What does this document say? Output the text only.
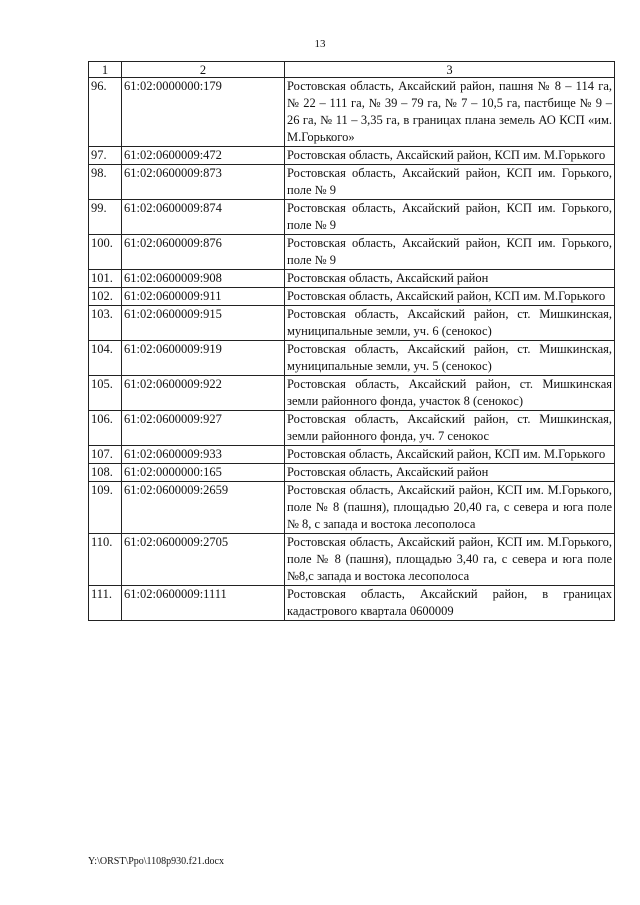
13
1	2	3
96.	61:02:0000000:179	Ростовская область, Аксайский район, пашня № 8 – 114 га, № 22 – 111 га, № 39 – 79 га, № 7 – 10,5 га, пастбище № 9 – 26 га, № 11 – 3,35 га, в границах плана земель АО КСП «им. М.Горького»
97.	61:02:0600009:472	Ростовская область, Аксайский район, КСП им. М.Горького
98.	61:02:0600009:873	Ростовская область, Аксайский район, КСП им. Горького, поле № 9
99.	61:02:0600009:874	Ростовская область, Аксайский район, КСП им. Горького, поле № 9
100.	61:02:0600009:876	Ростовская область, Аксайский район, КСП им. Горького, поле № 9
101.	61:02:0600009:908	Ростовская область, Аксайский район
102.	61:02:0600009:911	Ростовская область, Аксайский район, КСП им. М.Горького
103.	61:02:0600009:915	Ростовская область, Аксайский район, ст. Мишкинская, муниципальные земли, уч. 6 (сенокос)
104.	61:02:0600009:919	Ростовская область, Аксайский район, ст. Мишкинская, муниципальные земли, уч. 5 (сенокос)
105.	61:02:0600009:922	Ростовская область, Аксайский район, ст. Мишкинская земли районного фонда, участок 8 (сенокос)
106.	61:02:0600009:927	Ростовская область, Аксайский район, ст. Мишкинская, земли районного фонда, уч. 7 сенокос
107.	61:02:0600009:933	Ростовская область, Аксайский район, КСП им. М.Горького
108.	61:02:0000000:165	Ростовская область, Аксайский район
109.	61:02:0600009:2659	Ростовская область, Аксайский район, КСП им. М.Горького, поле № 8 (пашня), площадью 20,40 га, с севера и юга поле № 8, с запада и востока лесополоса
110.	61:02:0600009:2705	Ростовская область, Аксайский район, КСП им. М.Горького, поле № 8 (пашня), площадью 3,40 га, с севера и юга поле №8,с запада и востока лесополоса
111.	61:02:0600009:1111	Ростовская область, Аксайский район, в границах кадастрового квартала 0600009
Y:\ORST\Ppo\1108p930.f21.docx
